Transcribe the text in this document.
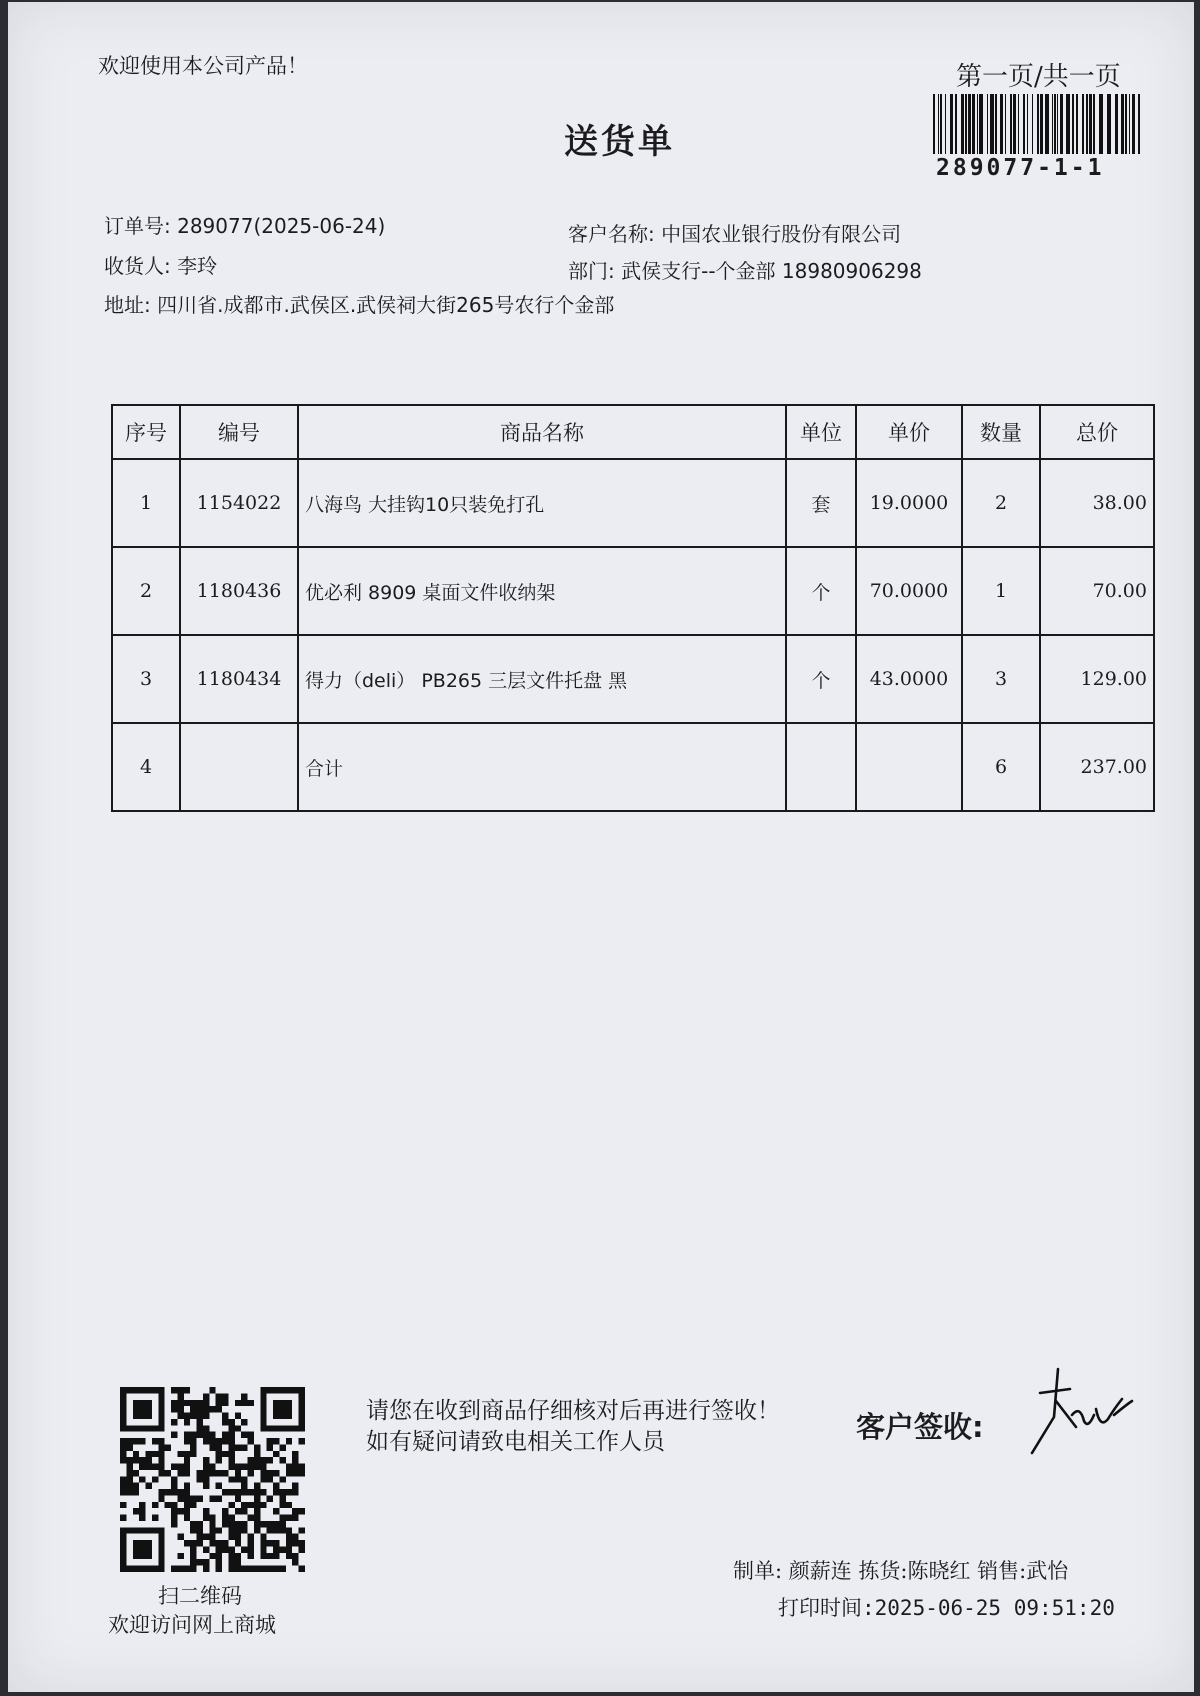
欢迎使用本公司产品！
送货单
第一页/共一页
289077-1-1
订单号: 289077(2025-06-24)
收货人: 李玲
地址: 四川省.成都市.武侯区.武侯祠大街265号农行个金部
客户名称: 中国农业银行股份有限公司
部门: 武侯支行--个金部 18980906298
序号	编号	商品名称	单位	单价	数量	总价
1	1154022	八海鸟 大挂钩10只装免打孔	套	19.0000	2	38.00
2	1180436	优必利 8909 桌面文件收纳架	个	70.0000	1	70.00
3	1180434	得力（deli） PB265 三层文件托盘 黑	个	43.0000	3	129.00
4		合计			6	237.00
扫二维码
欢迎访问网上商城
请您在收到商品仔细核对后再进行签收！如有疑问请致电相关工作人员	客户签收:
制单: 颜薪连 拣货:陈晓红 销售:武怡
打印时间:2025-06-25 09:51:20
